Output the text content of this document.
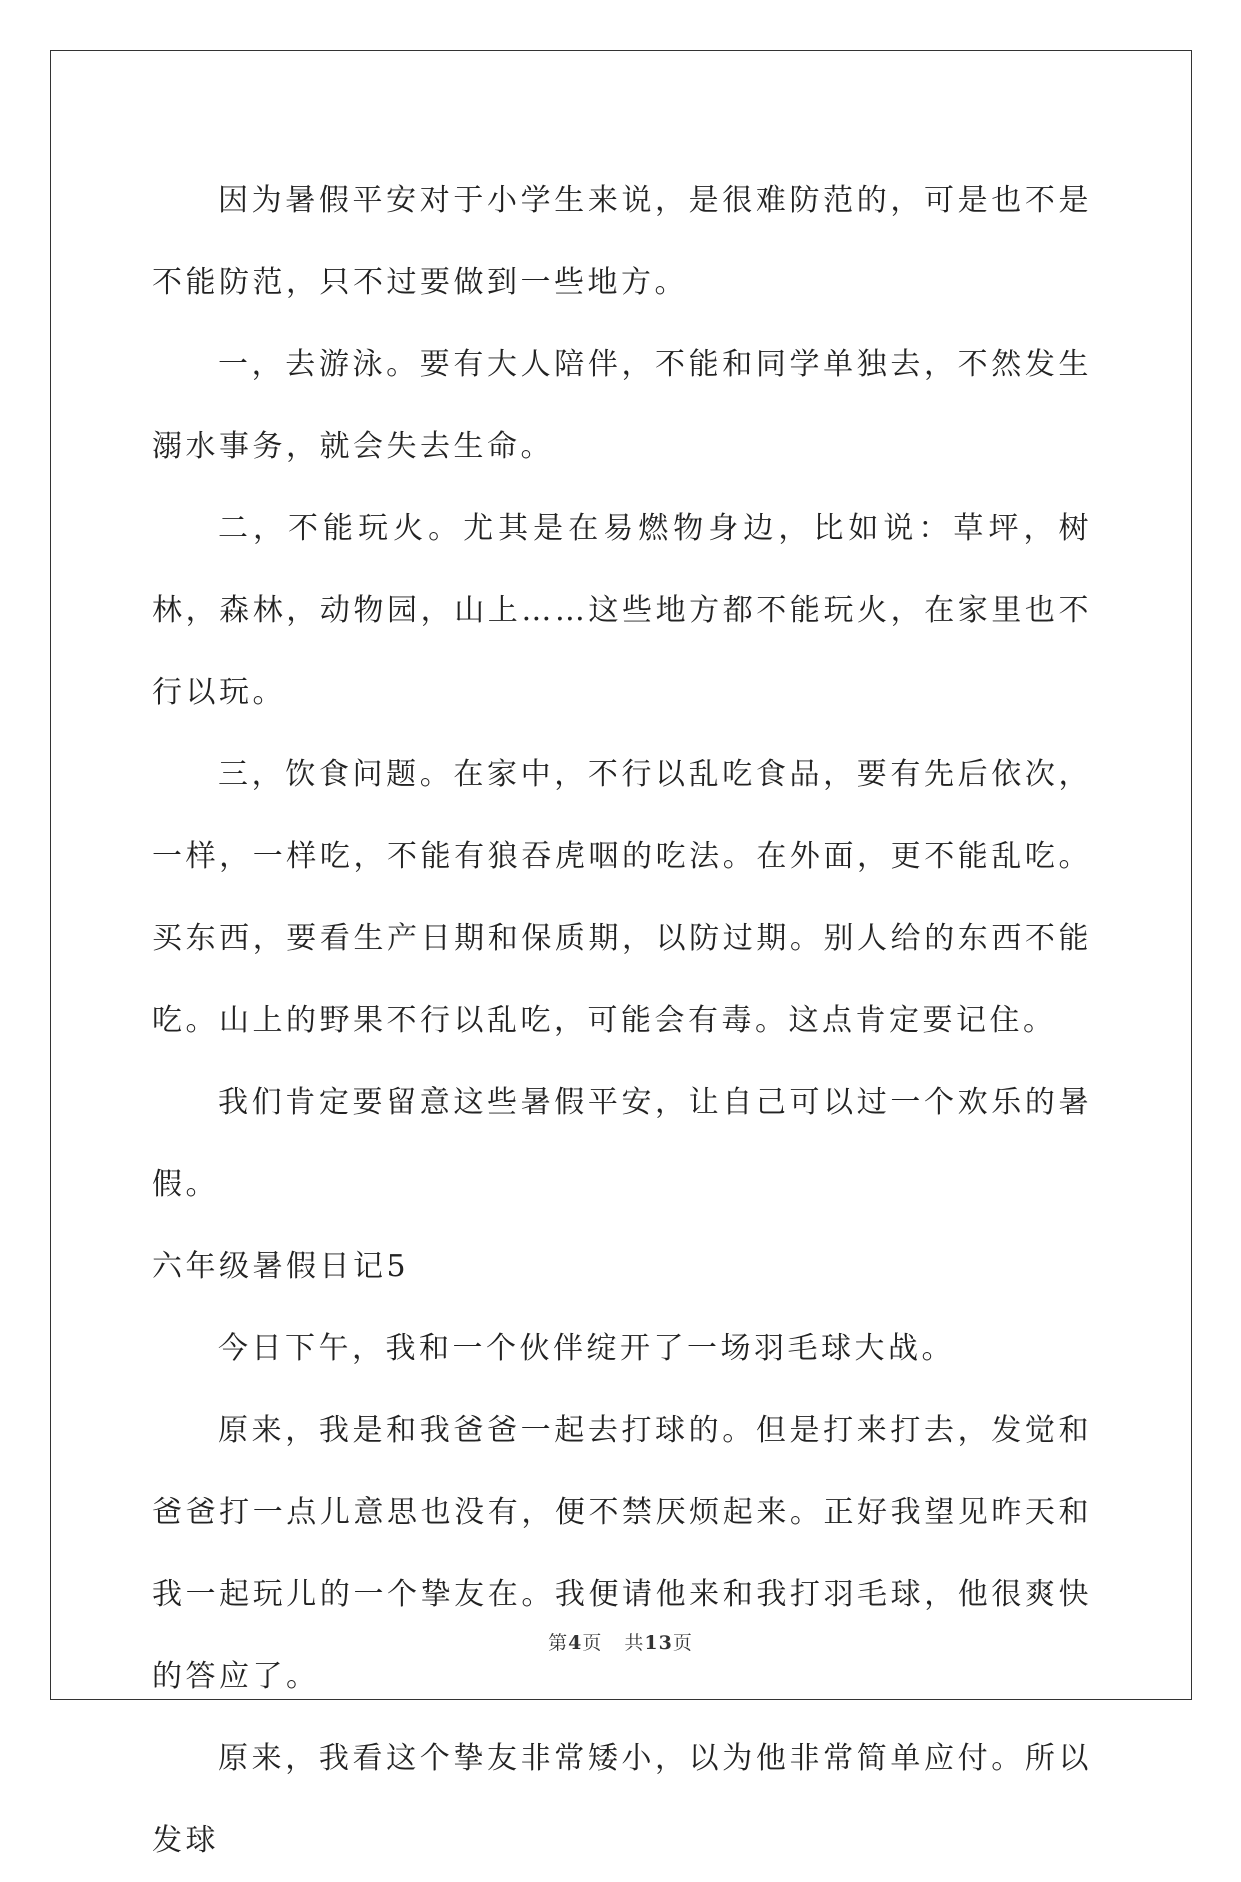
因为暑假平安对于小学生来说，是很难防范的，可是也不是不能防范，只不过要做到一些地方。

一，去游泳。要有大人陪伴，不能和同学单独去，不然发生溺水事务，就会失去生命。

二，不能玩火。尤其是在易燃物身边，比如说：草坪，树林，森林，动物园，山上……这些地方都不能玩火，在家里也不行以玩。

三，饮食问题。在家中，不行以乱吃食品，要有先后依次，一样，一样吃，不能有狼吞虎咽的吃法。在外面，更不能乱吃。买东西，要看生产日期和保质期，以防过期。别人给的东西不能吃。山上的野果不行以乱吃，可能会有毒。这点肯定要记住。

我们肯定要留意这些暑假平安，让自己可以过一个欢乐的暑假。

六年级暑假日记5

今日下午，我和一个伙伴绽开了一场羽毛球大战。

原来，我是和我爸爸一起去打球的。但是打来打去，发觉和爸爸打一点儿意思也没有，便不禁厌烦起来。正好我望见昨天和我一起玩儿的一个挚友在。我便请他来和我打羽毛球，他很爽快的答应了。

原来，我看这个挚友非常矮小，以为他非常简单应付。所以发球

第4页 共13页
